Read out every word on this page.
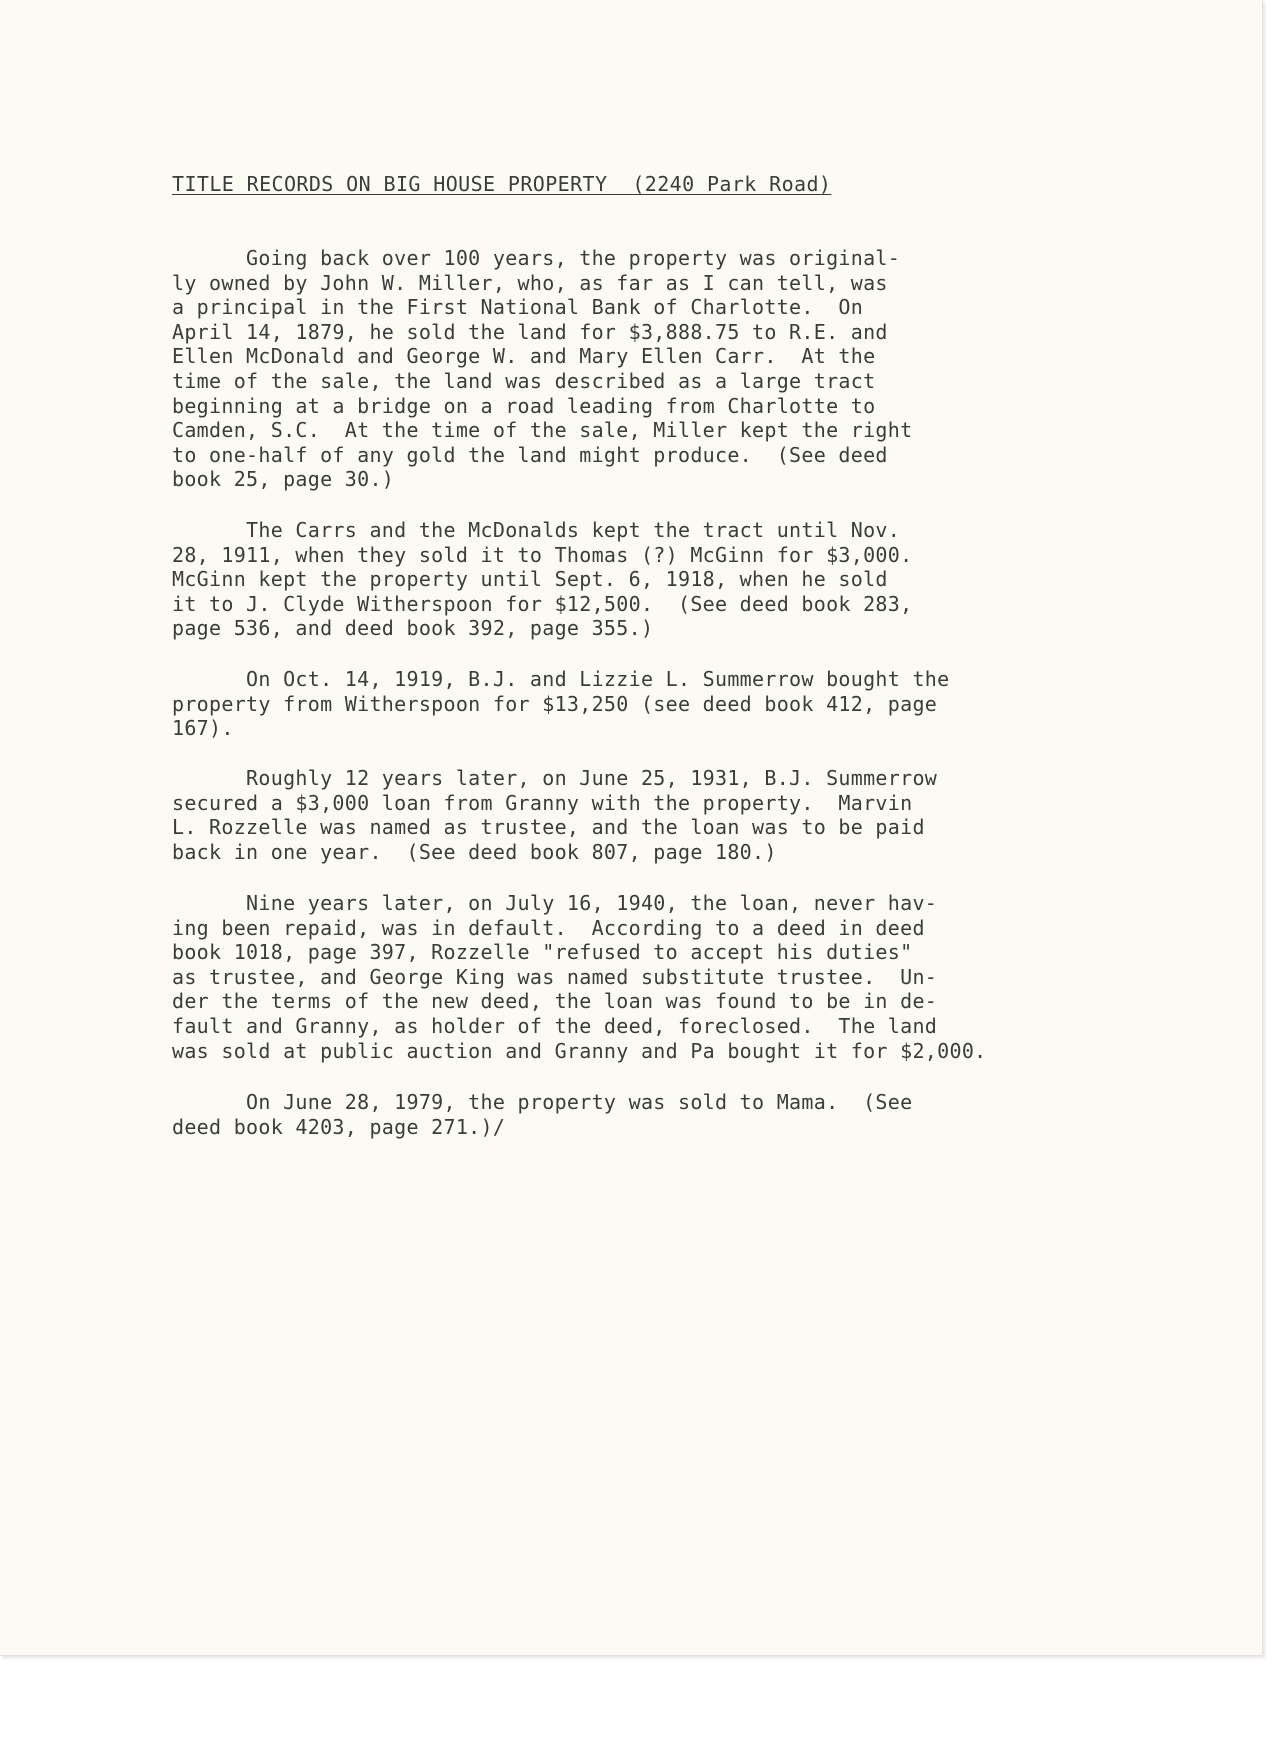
TITLE RECORDS ON BIG HOUSE PROPERTY  (2240 Park Road)

Going back over 100 years, the property was original-
ly owned by John W. Miller, who, as far as I can tell, was
a principal in the First National Bank of Charlotte.  On
April 14, 1879, he sold the land for $3,888.75 to R.E. and
Ellen McDonald and George W. and Mary Ellen Carr.  At the
time of the sale, the land was described as a large tract
beginning at a bridge on a road leading from Charlotte to
Camden, S.C.  At the time of the sale, Miller kept the right
to one-half of any gold the land might produce.  (See deed
book 25, page 30.)

The Carrs and the McDonalds kept the tract until Nov.
28, 1911, when they sold it to Thomas (?) McGinn for $3,000.
McGinn kept the property until Sept. 6, 1918, when he sold
it to J. Clyde Witherspoon for $12,500.  (See deed book 283,
page 536, and deed book 392, page 355.)

On Oct. 14, 1919, B.J. and Lizzie L. Summerrow bought the
property from Witherspoon for $13,250 (see deed book 412, page
167).

Roughly 12 years later, on June 25, 1931, B.J. Summerrow
secured a $3,000 loan from Granny with the property.  Marvin
L. Rozzelle was named as trustee, and the loan was to be paid
back in one year.  (See deed book 807, page 180.)

Nine years later, on July 16, 1940, the loan, never hav-
ing been repaid, was in default.  According to a deed in deed
book 1018, page 397, Rozzelle "refused to accept his duties"
as trustee, and George King was named substitute trustee.  Un-
der the terms of the new deed, the loan was found to be in de-
fault and Granny, as holder of the deed, foreclosed.  The land
was sold at public auction and Granny and Pa bought it for $2,000.

On June 28, 1979, the property was sold to Mama.  (See
deed book 4203, page 271.)/
